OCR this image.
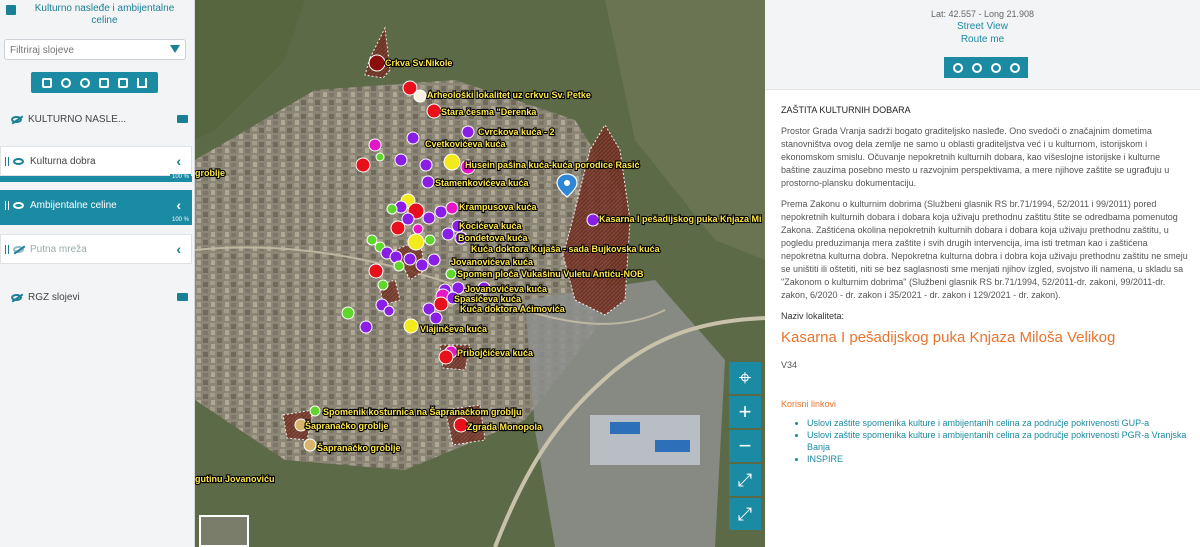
Kulturno nasleđe i ambijentalne celine
Filtriraj slojeve
KULTURNO NASLE...
Kulturna dobra	‹
100 %
Ambijentalne celine	‹
100 %
Putna mreža	‹
RGZ slojevi
Crkva Sv.Nikole
Arheološki lokalitet uz crkvu Sv. Petke
Stara česma "Derenka
Cvrckova kuća - 2
Cvetkovićeva kuća
Husein pašina kuća-kuća porodice Rasić
Stamenkovićeva kuća
Kasarna I pešadijskog puka Knjaza Mi
Krampusova kuća
Kocićeva kuća
Bondetova kuća
Kuća doktora Kujaša - sada Bujkovska kuća
Jovanovićeva kuća
Spomen ploča Vukašinu Vuletu Antiću-NOB
Jovanovićeva kuća
Spasićeva kuća
Kuća doktora Aćimovića
Vlajinčeva kuća
Pribojčićeva kuća
Spomenik kosturnica na Šapranačkom groblju
Šapranačko groblje	Zgrada Monopola
Šapranačko groblje
groblje
gutinu Jovanoviću
⌖
+
−
⤢
⤢
Lat: 42.557 - Long 21.908
Street View
Route me
ZAŠTITA KULTURNIH DOBARA
Prostor Grada Vranja sadrži bogato graditeljsko nasleđe. Ono svedoči o značajnim dometima stanovništva ovog dela zemlje ne samo u oblasti graditeljstva već i u kulturnom, istorijskom i ekonomskom smislu. Očuvanje nepokretnih kulturnih dobara, kao višeslojne istorijske i kulturne baštine zauzima posebno mesto u razvojnim perspektivama, a mere njihove zaštite se ugrađuju u prostorno-plansku dokumentaciju.
Prema Zakonu o kulturnim dobrima (Službeni glasnik RS br.71/1994, 52/2011 i 99/2011) pored nepokretnih kulturnih dobara i dobara koja uživaju prethodnu zaštitu štite se odredbama pomenutog Zakona. Zaštićena okolina nepokretnih kulturnih dobara i dobara koja uživaju prethodnu zaštitu, u pogledu preduzimanja mera zaštite i svih drugih intervencija, ima isti tretman kao i zaštićena nepokretna kulturna dobra. Nepokretna kulturna dobra i dobra koja uživaju prethodnu zaštitu ne smeju se uništiti ili oštetiti, niti se bez saglasnosti sme menjati njihov izgled, svojstvo ili namena, u skladu sa "Zakonom o kulturnim dobrima" (Službeni glasnik RS br.71/1994, 52/2011-dr. zakoni, 99/2011-dr. zakon, 6/2020 - dr. zakon i 35/2021 - dr. zakon i 129/2021 - dr. zakon).
Naziv lokaliteta:
Kasarna I pešadijskog puka Knjaza Miloša Velikog
V34
Korisni linkovi
• Uslovi zaštite spomenika kulture i ambijentanih celina za područje pokrivenosti GUP-a
• Uslovi zaštite spomenika kulture i ambijentanih celina za područje pokrivenosti PGR-a Vranjska Banja
• INSPIRE
